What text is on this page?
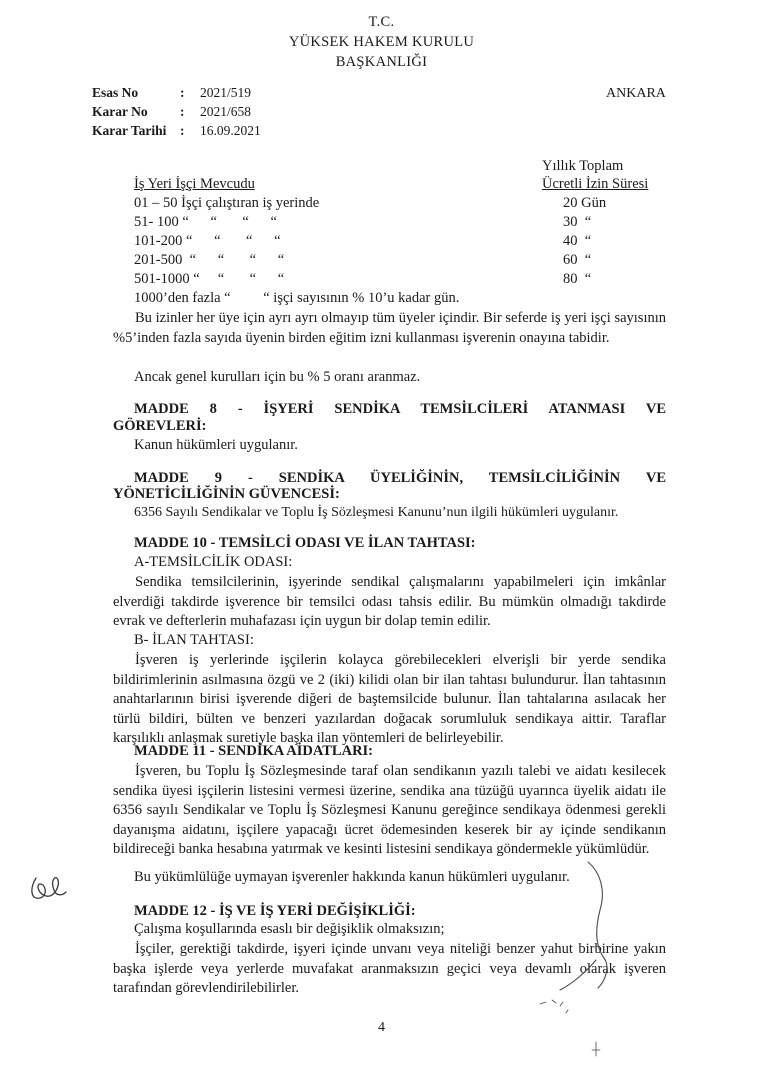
T.C.
YÜKSEK HAKEM KURULU
BAŞKANLIĞI
Esas No	: 2021/519
Karar No : 2021/658
Karar Tarihi : 16.09.2021
ANKARA
Yıllık Toplam
İş Yeri İşçi Mevcudu	Ücretli İzin Süresi
01 – 50 İşçi çalıştıran iş yerinde	20 Gün
51- 100 “      “       “      “	30  “
101-200 “      “       “      “	40  “
201-500  “      “       “      “	60  “
501-1000 “     “       “      “	80  “
1000’den fazla “         “ işçi sayısının % 10’u kadar gün.
Bu izinler her üye için ayrı ayrı olmayıp tüm üyeler içindir. Bir seferde iş yeri işçi sayısının %5’inden fazla sayıda üyenin birden eğitim izni kullanması işverenin onayına tabidir.
Ancak genel kurulları için bu % 5 oranı aranmaz.
MADDE 8 - İŞYERİ SENDİKA TEMSİLCİLERİ ATANMASI VE
GÖREVLERİ:
Kanun hükümleri uygulanır.
MADDE 9 - SENDİKA ÜYELİĞİNİN, TEMSİLCİLİĞİNİN VE
YÖNETİCİLİĞİNİN GÜVENCESİ:
6356 Sayılı Sendikalar ve Toplu İş Sözleşmesi Kanunu’nun ilgili hükümleri uygulanır.
MADDE 10 - TEMSİLCİ ODASI VE İLAN TAHTASI:
A-TEMSİLCİLİK ODASI:
Sendika temsilcilerinin, işyerinde sendikal çalışmalarını yapabilmeleri için imkânlar elverdiği takdirde işverence bir temsilci odası tahsis edilir. Bu mümkün olmadığı takdirde evrak ve defterlerin muhafazası için uygun bir dolap temin edilir.
B- İLAN TAHTASI:
İşveren iş yerlerinde işçilerin kolayca görebilecekleri elverişli bir yerde sendika bildirimlerinin asılmasına özgü ve 2 (iki) kilidi olan bir ilan tahtası bulundurur. İlan tahtasının anahtarlarının birisi işverende diğeri de baştemsilcide bulunur. İlan tahtalarına asılacak her türlü bildiri, bülten ve benzeri yazılardan doğacak sorumluluk sendikaya aittir. Taraflar karşılıklı anlaşmak suretiyle başka ilan yöntemleri de belirleyebilir.
MADDE 11 - SENDİKA AİDATLARI:
İşveren, bu Toplu İş Sözleşmesinde taraf olan sendikanın yazılı talebi ve aidatı kesilecek sendika üyesi işçilerin listesini vermesi üzerine, sendika ana tüzüğü uyarınca üyelik aidatı ile 6356 sayılı Sendikalar ve Toplu İş Sözleşmesi Kanunu gereğince sendikaya ödenmesi gerekli dayanışma aidatını, işçilere yapacağı ücret ödemesinden keserek bir ay içinde sendikanın bildireceği banka hesabına yatırmak ve kesinti listesini sendikaya göndermekle yükümlüdür.
Bu yükümlülüğe uymayan işverenler hakkında kanun hükümleri uygulanır.
MADDE 12 - İŞ VE İŞ YERİ DEĞİŞİKLİĞİ:
Çalışma koşullarında esaslı bir değişiklik olmaksızın;
İşçiler, gerektiği takdirde, işyeri içinde unvanı veya niteliği benzer yahut birbirine yakın başka işlerde veya yerlerde muvafakat aranmaksızın geçici veya devamlı olarak işveren tarafından görevlendirilebilirler.
4
